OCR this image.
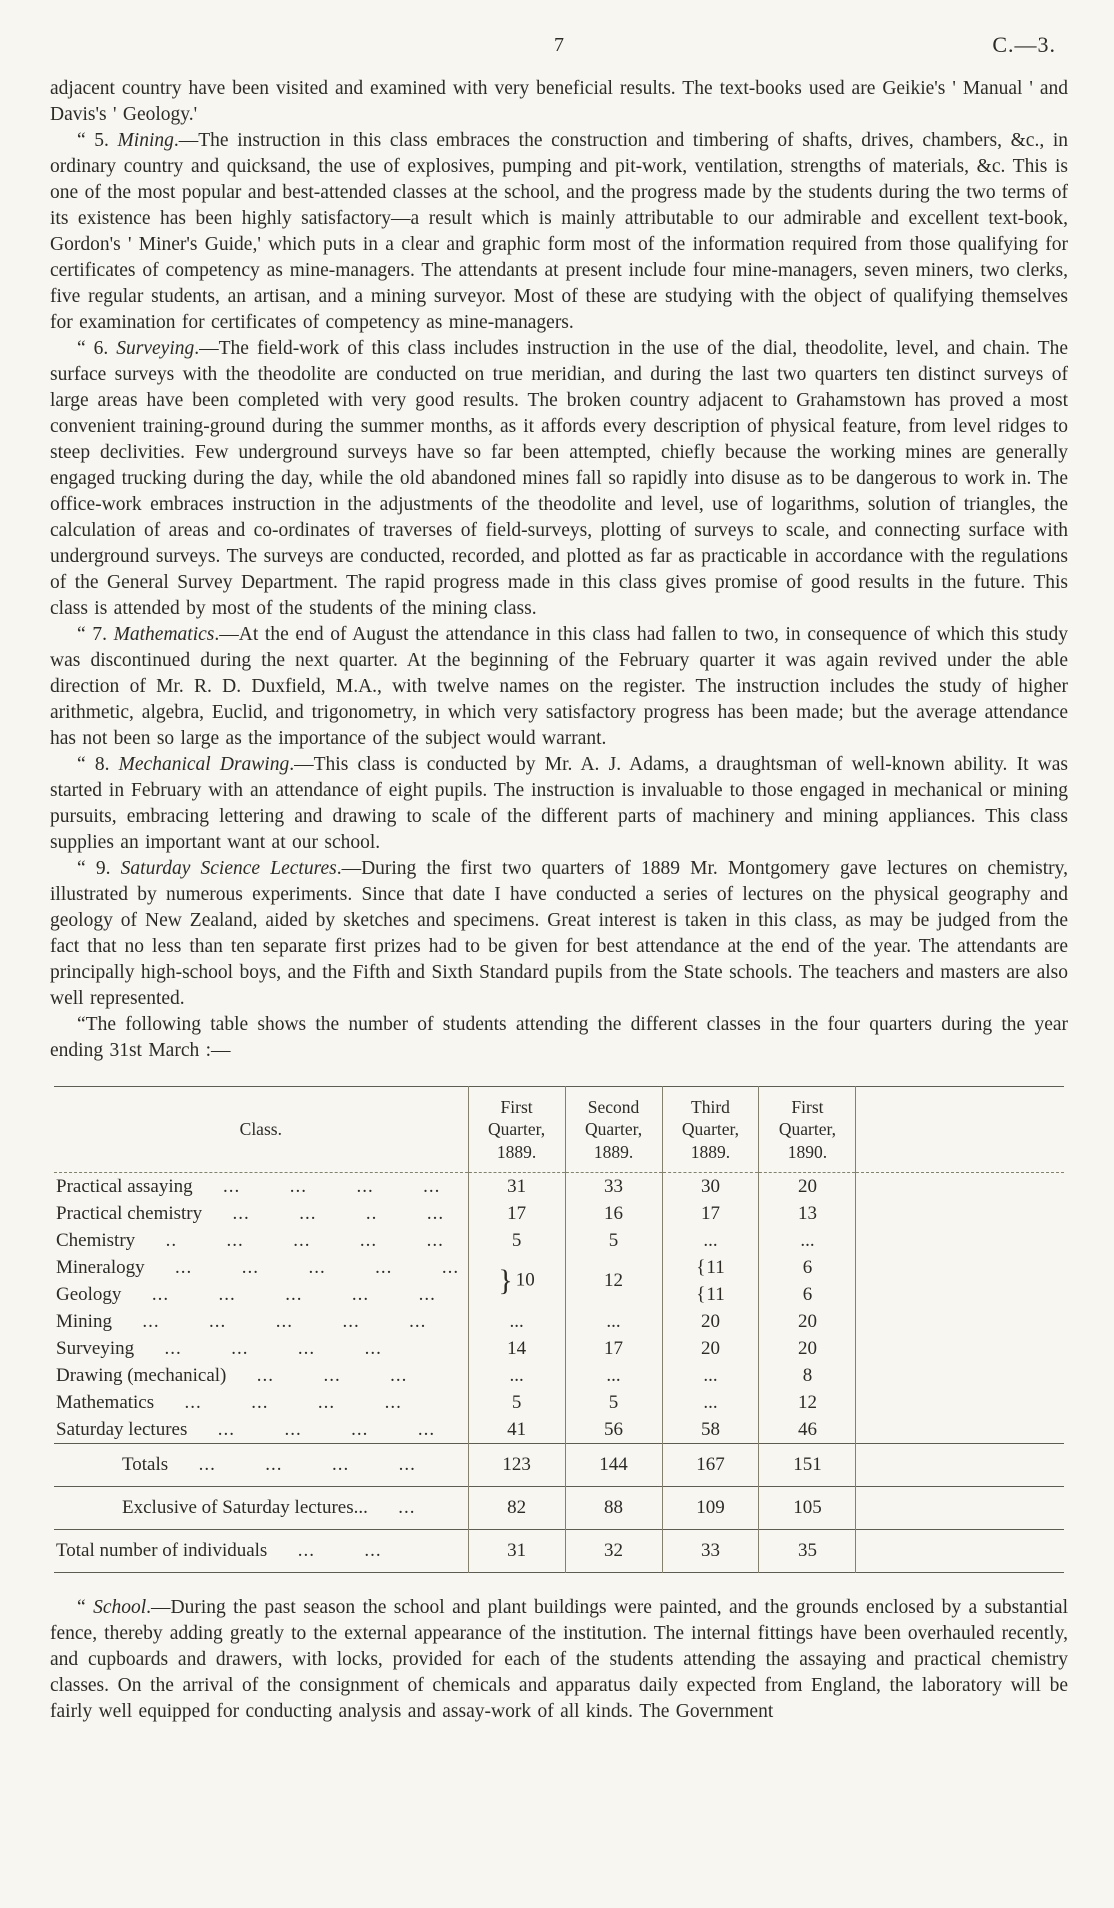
7	C.—3.

adjacent country have been visited and examined with very beneficial results. The text-books used are Geikie's ' Manual ' and Davis's ' Geology.'

“ 5. Mining.—The instruction in this class embraces the construction and timbering of shafts, drives, chambers, &c., in ordinary country and quicksand, the use of explosives, pumping and pit-work, ventilation, strengths of materials, &c. This is one of the most popular and best-attended classes at the school, and the progress made by the students during the two terms of its existence has been highly satisfactory—a result which is mainly attributable to our admirable and excellent text-book, Gordon's ' Miner's Guide,' which puts in a clear and graphic form most of the information required from those qualifying for certificates of competency as mine-managers. The attendants at present include four mine-managers, seven miners, two clerks, five regular students, an artisan, and a mining surveyor. Most of these are studying with the object of qualifying themselves for examination for certificates of competency as mine-managers.

“ 6. Surveying.—The field-work of this class includes instruction in the use of the dial, theodolite, level, and chain. The surface surveys with the theodolite are conducted on true meridian, and during the last two quarters ten distinct surveys of large areas have been completed with very good results. The broken country adjacent to Grahamstown has proved a most convenient training-ground during the summer months, as it affords every description of physical feature, from level ridges to steep declivities. Few underground surveys have so far been attempted, chiefly because the working mines are generally engaged trucking during the day, while the old abandoned mines fall so rapidly into disuse as to be dangerous to work in. The office-work embraces instruction in the adjustments of the theodolite and level, use of logarithms, solution of triangles, the calculation of areas and co-ordinates of traverses of field-surveys, plotting of surveys to scale, and connecting surface with underground surveys. The surveys are conducted, recorded, and plotted as far as practicable in accordance with the regulations of the General Survey Department. The rapid progress made in this class gives promise of good results in the future. This class is attended by most of the students of the mining class.

“ 7. Mathematics.—At the end of August the attendance in this class had fallen to two, in consequence of which this study was discontinued during the next quarter. At the beginning of the February quarter it was again revived under the able direction of Mr. R. D. Duxfield, M.A., with twelve names on the register. The instruction includes the study of higher arithmetic, algebra, Euclid, and trigonometry, in which very satisfactory progress has been made; but the average attendance has not been so large as the importance of the subject would warrant.

“ 8. Mechanical Drawing.—This class is conducted by Mr. A. J. Adams, a draughtsman of well-known ability. It was started in February with an attendance of eight pupils. The instruction is invaluable to those engaged in mechanical or mining pursuits, embracing lettering and drawing to scale of the different parts of machinery and mining appliances. This class supplies an important want at our school.

“ 9. Saturday Science Lectures.—During the first two quarters of 1889 Mr. Montgomery gave lectures on chemistry, illustrated by numerous experiments. Since that date I have conducted a series of lectures on the physical geography and geology of New Zealand, aided by sketches and specimens. Great interest is taken in this class, as may be judged from the fact that no less than ten separate first prizes had to be given for best attendance at the end of the year. The attendants are principally high-school boys, and the Fifth and Sixth Standard pupils from the State schools. The teachers and masters are also well represented.

“The following table shows the number of students attending the different classes in the four quarters during the year ending 31st March :—

Class.	First Quarter, 1889.	Second Quarter, 1889.	Third Quarter, 1889.	First Quarter, 1890.	

Practical assaying ... ... ... ...	31	33	30	20	

Practical chemistry ... ... .. ...	17	16	17	13	

Chemistry .. ... ... ... ...	5	5	...	...	

Mineralogy ... ... ... ... ...	} 10	12	{11	6	

Geology ... ... ... ... ...			{11	6	

Mining ... ... ... ... ...	...	...	20	20	

Surveying ... ... ... ...	14	17	20	20	

Drawing (mechanical) ... ... ...	...	...	...	8	

Mathematics ... ... ... ...	5	5	...	12	

Saturday lectures ... ... ... ...	41	56	58	46	

Totals ... ... ... ...	123	144	167	151	

Exclusive of Saturday lectures... ...	82	88	109	105	

Total number of individuals ... ...	31	32	33	35	

“ School.—During the past season the school and plant buildings were painted, and the grounds enclosed by a substantial fence, thereby adding greatly to the external appearance of the institution. The internal fittings have been overhauled recently, and cupboards and drawers, with locks, provided for each of the students attending the assaying and practical chemistry classes. On the arrival of the consignment of chemicals and apparatus daily expected from England, the laboratory will be fairly well equipped for conducting analysis and assay-work of all kinds. The Government
